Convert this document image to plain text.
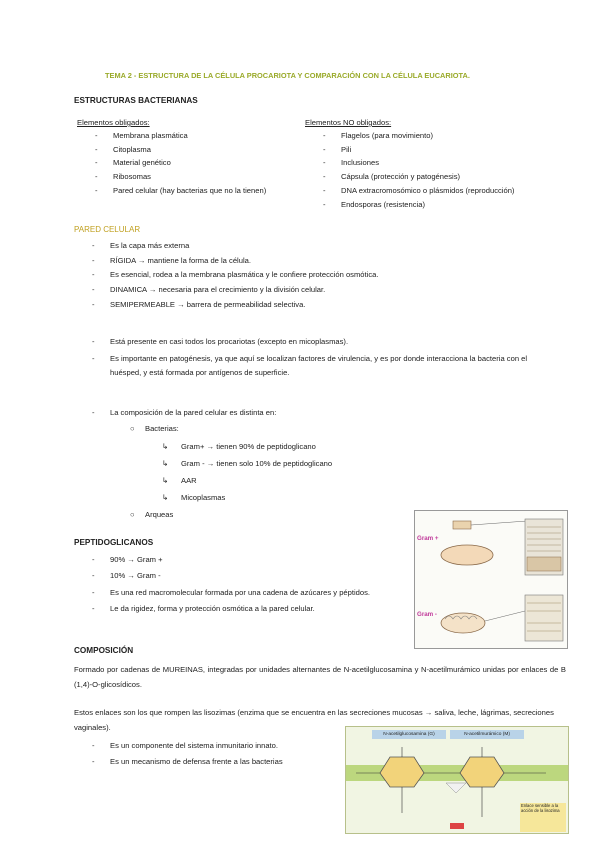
TEMA 2 - ESTRUCTURA DE LA CÉLULA PROCARIOTA Y COMPARACIÓN CON LA CÉLULA EUCARIOTA.
ESTRUCTURAS BACTERIANAS
Elementos obligados:
- Membrana plasmática
- Citoplasma
- Material genético
- Ribosomas
- Pared celular (hay bacterias que no la tienen)
Elementos NO obligados:
- Flagelos (para movimiento)
- Pili
- Inclusiones
- Cápsula (protección y patogénesis)
- DNA extracromosómico o plásmidos (reproducción)
- Endosporas (resistencia)
PARED CELULAR
- Es la capa más externa
- RÍGIDA → mantiene la forma de la célula.
- Es esencial, rodea a la membrana plasmática y le confiere protección osmótica.
- DINAMICA → necesaria para el crecimiento y la división celular.
- SEMIPERMEABLE → barrera de permeabilidad selectiva.
- Está presente en casi todos los procariotas (excepto en micoplasmas).
- Es importante en patogénesis, ya que aquí se localizan factores de virulencia, y es por donde interacciona la bacteria con el huésped, y está formada por antígenos de superficie.
- La composición de la pared celular es distinta en:
○ Bacterias:
↳ Gram+ → tienen 90% de peptidoglicano
↳ Gram - → tienen solo 10% de peptidoglicano
↳ AAR
↳ Micoplasmas
○ Arqueas
PEPTIDOGLICANOS
- 90% → Gram +
- 10% → Gram -
- Es una red macromolecular formada por una cadena de azúcares y péptidos.
- Le da rigidez, forma y protección osmótica a la pared celular.
Gram +
Gram -
COMPOSICIÓN
Formado por cadenas de MUREINAS, integradas por unidades alternantes de N-acetilglucosamina y N-acetilmurámico unidas por enlaces de B (1,4)-O-glicosídicos.
Estos enlaces son los que rompen las lisozimas (enzima que se encuentra en las secreciones mucosas → saliva, leche, lágrimas, secreciones vaginales).
- Es un componente del sistema inmunitario innato.
- Es un mecanismo de defensa frente a las bacterias
N-acetilglucosamina (G)	N-acetilmurámico (M)
Enlace sensible a la acción de la lisozima
